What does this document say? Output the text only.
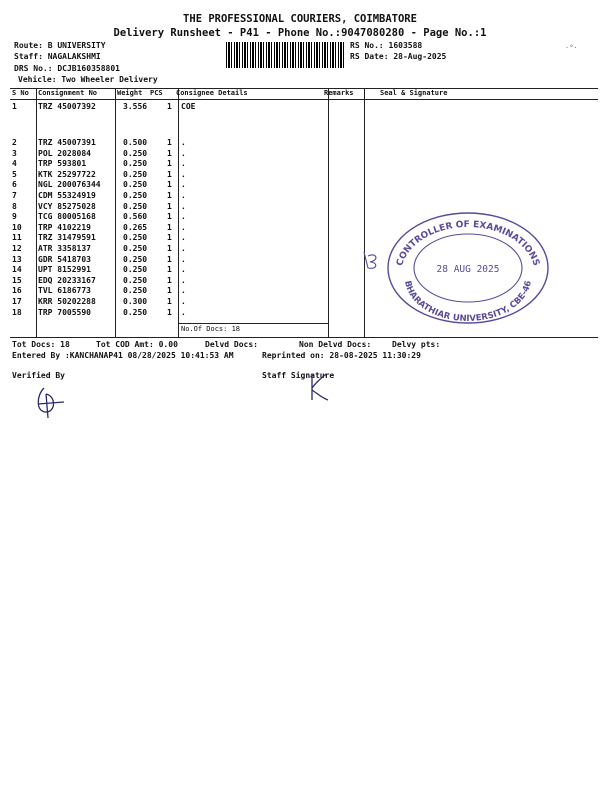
THE PROFESSIONAL COURIERS, COIMBATORE
Delivery Runsheet - P41 - Phone No.:9047080280 - Page No.:1
Route: B UNIVERSITY
Staff: NAGALAKSHMI
DRS No.: DCJB160358801
Vehicle: Two Wheeler Delivery
RS No.: 1603588
RS Date: 28-Aug-2025
S No Consignment No	Weight PCS Consignee Details	Remarks	Seal & Signature
1	TRZ 45007392	3.556 1 COE
2	TRZ 45007391	0.500 1 .
3	POL 2028084	0.250 1 .
4	TRP 593801	0.250 1 .
5	KTK 25297722	0.250 1 .
6	NGL 200076344	0.250 1 .
7	CDM 55324919	0.250 1 .
8	VCY 85275028	0.250 1 .
9	TCG 80005168	0.560 1 .
10 TRP 4102219	0.265 1 .
11 TRZ 31479591	0.250 1 .
12 ATR 3358137	0.250 1 .
13 GDR 5418703	0.250 1 .
14 UPT 8152991	0.250 1 .
15 EDQ 20233167	0.250 1 .
16 TVL 6186773	0.250 1 .
17 KRR 50202288	0.300 1 .
18 TRP 7005590	0.250 1 .
No.Of Docs: 18
Tot Docs: 18	Tot COD Amt: 0.00	Delvd Docs:	Non Delvd Docs:	Delvy pts:
Entered By :KANCHANAP41 08/28/2025 10:41:53 AM	Reprinted on: 28-08-2025 11:30:29
Verified By	Staff Signature
CONTROLLER OF EXAMINATIONS
BHARATHIAR UNIVERSITY, CBE-46
28 AUG 2025
·°·
